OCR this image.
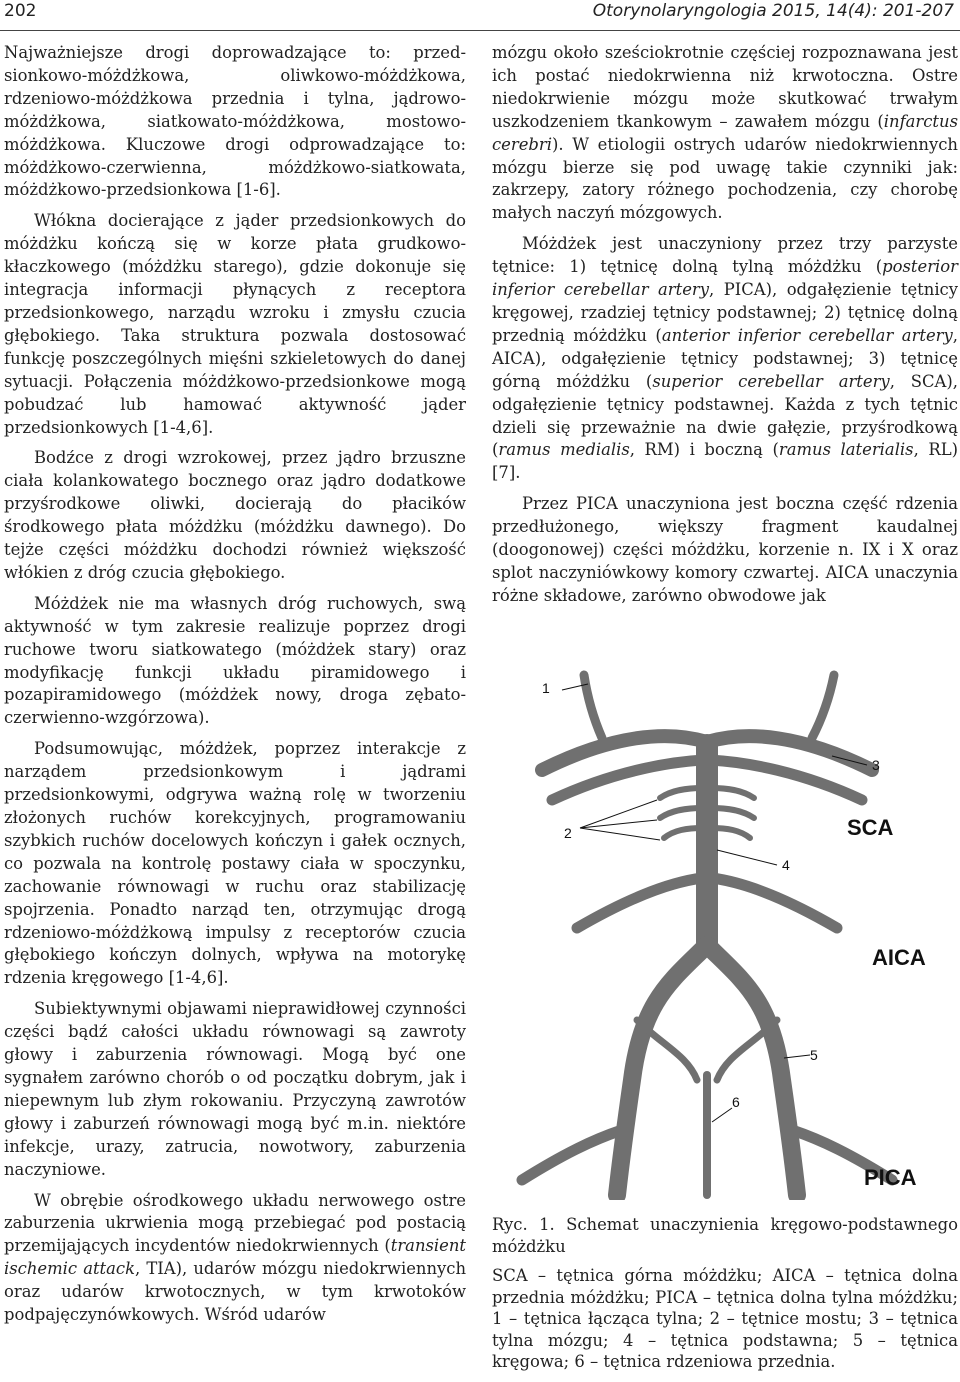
202	Otorynolaryngologia 2015, 14(4): 201-207

Najważniejsze drogi doprowadzające to: przed-sionkowo-móżdżkowa, oliwkowo-móżdżkowa, rdzeniowo-móżdżkowa przednia i tylna, jądrowo-móżdżkowa, siatkowato-móżdżkowa, mostowo-móżdżkowa. Kluczowe drogi odprowadzające to: móżdżkowo-czerwienna, móżdżkowo-siatkowata, móżdżkowo-przedsionkowa [1-6].

Włókna docierające z jąder przedsionkowych do móżdżku kończą się w korze płata grudkowo-kłaczkowego (móżdżku starego), gdzie dokonuje się integracja informacji płynących z receptora przedsionkowego, narządu wzroku i zmysłu czucia głębokiego. Taka struktura pozwala dostosować funkcję poszczególnych mięśni szkieletowych do danej sytuacji. Połączenia móżdżkowo-przedsionkowe mogą pobudzać lub hamować aktywność jąder przedsionkowych [1-4,6].

Bodźce z drogi wzrokowej, przez jądro brzuszne ciała kolankowatego bocznego oraz jądro dodatkowe przyśrodkowe oliwki, docierają do płacików środkowego płata móżdżku (móżdżku dawnego). Do tejże części móżdżku dochodzi również większość włókien z dróg czucia głębokiego.

Móżdżek nie ma własnych dróg ruchowych, swą aktywność w tym zakresie realizuje poprzez drogi ruchowe tworu siatkowatego (móżdżek stary) oraz modyfikację funkcji układu piramidowego i pozapiramidowego (móżdżek nowy, droga zębato-czerwienno-wzgórzowa).

Podsumowując, móżdżek, poprzez interakcje z narządem przedsionkowym i jądrami przedsionkowymi, odgrywa ważną rolę w tworzeniu złożonych ruchów korekcyjnych, programowaniu szybkich ruchów docelowych kończyn i gałek ocznych, co pozwala na kontrolę postawy ciała w spoczynku, zachowanie równowagi w ruchu oraz stabilizację spojrzenia. Ponadto narząd ten, otrzymując drogą rdzeniowo-móżdżkową impulsy z receptorów czucia głębokiego kończyn dolnych, wpływa na motorykę rdzenia kręgowego [1-4,6].

Subiektywnymi objawami nieprawidłowej czynności części bądź całości układu równowagi są zawroty głowy i zaburzenia równowagi. Mogą być one sygnałem zarówno chorób o od początku dobrym, jak i niepewnym lub złym rokowaniu. Przyczyną zawrotów głowy i zaburzeń równowagi mogą być m.in. niektóre infekcje, urazy, zatrucia, nowotwory, zaburzenia naczyniowe.

W obrębie ośrodkowego układu nerwowego ostre zaburzenia ukrwienia mogą przebiegać pod postacią przemijających incydentów niedokrwiennych (transient ischemic attack, TIA), udarów mózgu niedokrwiennych oraz udarów krwotocznych, w tym krwotoków podpajęczynówkowych. Wśród udarów

mózgu około sześciokrotnie częściej rozpoznawana jest ich postać niedokrwienna niż krwotoczna. Ostre niedokrwienie mózgu może skutkować trwałym uszkodzeniem tkankowym – zawałem mózgu (infarctus cerebri). W etiologii ostrych udarów niedokrwiennych mózgu bierze się pod uwagę takie czynniki jak: zakrzepy, zatory różnego pochodzenia, czy chorobę małych naczyń mózgowych.

Móżdżek jest unaczyniony przez trzy parzyste tętnice: 1) tętnicę dolną tylną móżdżku (posterior inferior cerebellar artery, PICA), odgałęzienie tętnicy kręgowej, rzadziej tętnicy podstawnej; 2) tętnicę dolną przednią móżdżku (anterior inferior cerebellar artery, AICA), odgałęzienie tętnicy podstawnej; 3) tętnicę górną móżdżku (superior cerebellar artery, SCA), odgałęzienie tętnicy podstawnej. Każda z tych tętnic dzieli się przeważnie na dwie gałęzie, przyśrodkową (ramus medialis, RM) i boczną (ramus laterialis, RL) [7].

Przez PICA unaczyniona jest boczna część rdzenia przedłużonego, większy fragment kaudalnej (doogonowej) części móżdżku, korzenie n. IX i X oraz splot naczyniówkowy komory czwartej. AICA unaczynia różne składowe, zarówno obwodowe jak

1
2
3
4
5
6
SCA
AICA
PICA

Ryc. 1. Schemat unaczynienia kręgowo-podstawnego móżdżku

SCA – tętnica górna móżdżku; AICA – tętnica dolna przednia móżdżku; PICA – tętnica dolna tylna móżdżku; 1 – tętnica łącząca tylna; 2 – tętnice mostu; 3 – tętnica tylna mózgu; 4 – tętnica podstawna; 5 – tętnica kręgowa; 6 – tętnica rdzeniowa przednia.
